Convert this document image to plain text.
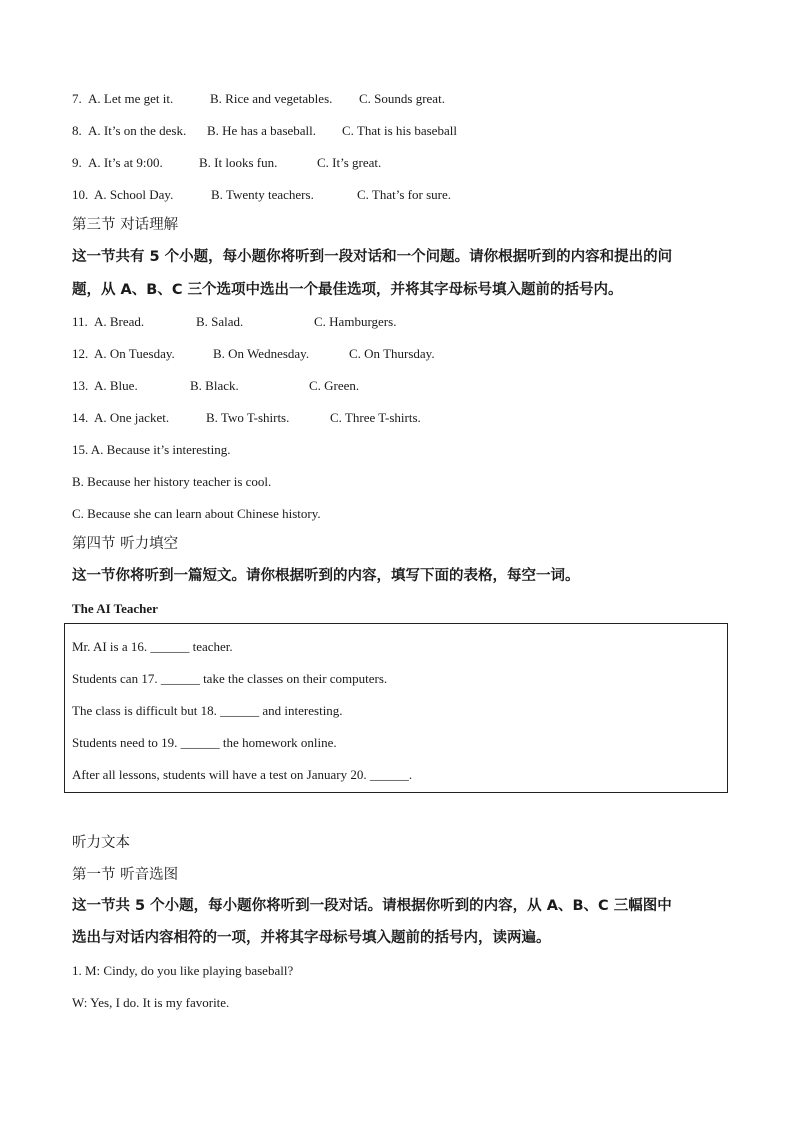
7. A. Let me get it.	B. Rice and vegetables. C. Sounds great.
8. A. It’s on the desk. B. He has a baseball. C. That is his baseball
9. A. It’s at 9:00.	B. It looks fun.	C. It’s great.
10. A. School Day.	B. Twenty teachers.	C. That’s for sure.
第三节 对话理解
这一节共有 5 个小题，每小题你将听到一段对话和一个问题。请你根据听到的内容和提出的问
题，从 A、B、C 三个选项中选出一个最佳选项，并将其字母标号填入题前的括号内。
11. A. Bread.	B. Salad.	C. Hamburgers.
12. A. On Tuesday.	B. On Wednesday.	C. On Thursday.
13. A. Blue.	B. Black.	C. Green.
14. A. One jacket.	B. Two T-shirts.	C. Three T-shirts.
15. A. Because it’s interesting.
B. Because her history teacher is cool.
C. Because she can learn about Chinese history.
第四节 听力填空
这一节你将听到一篇短文。请你根据听到的内容，填写下面的表格，每空一词。
The AI Teacher
Mr. AI is a 16. ______ teacher.
Students can 17. ______ take the classes on their computers.
The class is difficult but 18. ______ and interesting.
Students need to 19. ______ the homework online.
After all lessons, students will have a test on January 20. ______.
听力文本
第一节 听音选图
这一节共 5 个小题，每小题你将听到一段对话。请根据你听到的内容，从 A、B、C 三幅图中
选出与对话内容相符的一项，并将其字母标号填入题前的括号内，读两遍。
1. M: Cindy, do you like playing baseball?
W: Yes, I do. It is my favorite.
